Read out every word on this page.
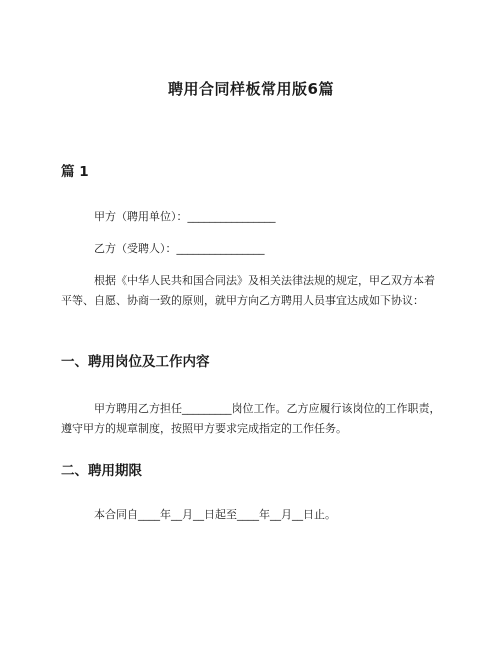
聘用合同样板常用版6篇
篇 1
甲方（聘用单位）：________________
乙方（受聘人）：________________
根据《中华人民共和国合同法》及相关法律法规的规定，甲乙双方本着平等、自愿、协商一致的原则，就甲方向乙方聘用人员事宜达成如下协议：
一、聘用岗位及工作内容
甲方聘用乙方担任_________岗位工作。乙方应履行该岗位的工作职责，遵守甲方的规章制度，按照甲方要求完成指定的工作任务。
二、聘用期限
本合同自____年__月__日起至____年__月__日止。
